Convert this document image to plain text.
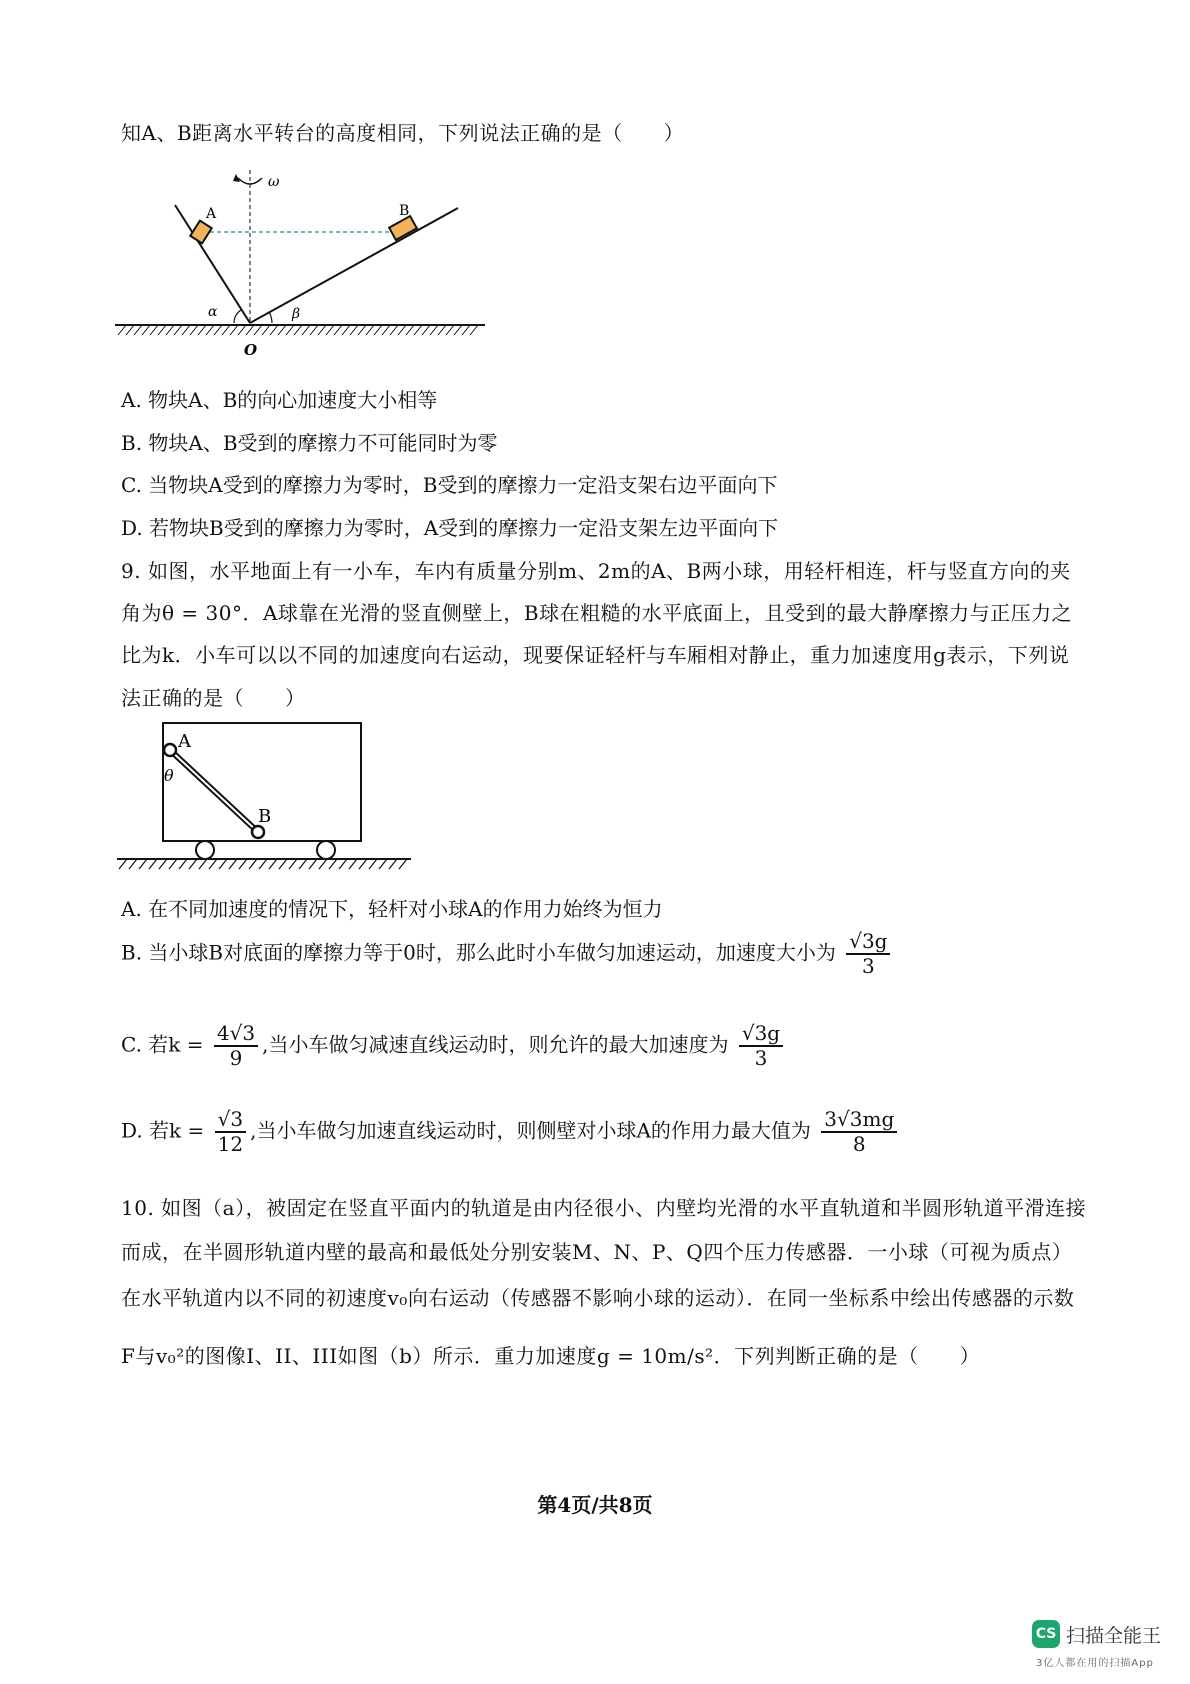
知A、B距离水平转台的高度相同，下列说法正确的是（　　）
ω
A	B
α	β
O
A. 物块A、B的向心加速度大小相等
B. 物块A、B受到的摩擦力不可能同时为零
C. 当物块A受到的摩擦力为零时，B受到的摩擦力一定沿支架右边平面向下
D. 若物块B受到的摩擦力为零时，A受到的摩擦力一定沿支架左边平面向下
9. 如图，水平地面上有一小车，车内有质量分别m、2m的A、B两小球，用轻杆相连，杆与竖直方向的夹
角为θ = 30°．A球靠在光滑的竖直侧壁上，B球在粗糙的水平底面上，且受到的最大静摩擦力与正压力之
比为k．小车可以以不同的加速度向右运动，现要保证轻杆与车厢相对静止，重力加速度用g表示，下列说
法正确的是（　　）
A
B
θ
A. 在不同加速度的情况下，轻杆对小球A的作用力始终为恒力
B. 当小球B对底面的摩擦力等于0时，那么此时小车做匀加速运动，加速度大小为 $\frac{√3g}{3}$
C. 若$k = \frac{4√3}{9}$ ,当小车做匀减速直线运动时，则允许的最大加速度为 $\frac{√3g}{3}$
D. 若$k = \frac{√3}{12}$ ,当小车做匀加速直线运动时，则侧壁对小球A的作用力最大值为 $\frac{3√3mg}{8}$
10. 如图（a），被固定在竖直平面内的轨道是由内径很小、内壁均光滑的水平直轨道和半圆形轨道平滑连接
而成，在半圆形轨道内壁的最高和最低处分别安装M、N、P、Q四个压力传感器．一小球（可视为质点）
在水平轨道内以不同的初速度v₀向右运动（传感器不影响小球的运动）．在同一坐标系中绘出传感器的示数
F与v₀²的图像I、II、III如图（b）所示．重力加速度g = 10m/s²．下列判断正确的是（　　）
第4页/共8页
CS 扫描全能王
3亿人都在用的扫描App
